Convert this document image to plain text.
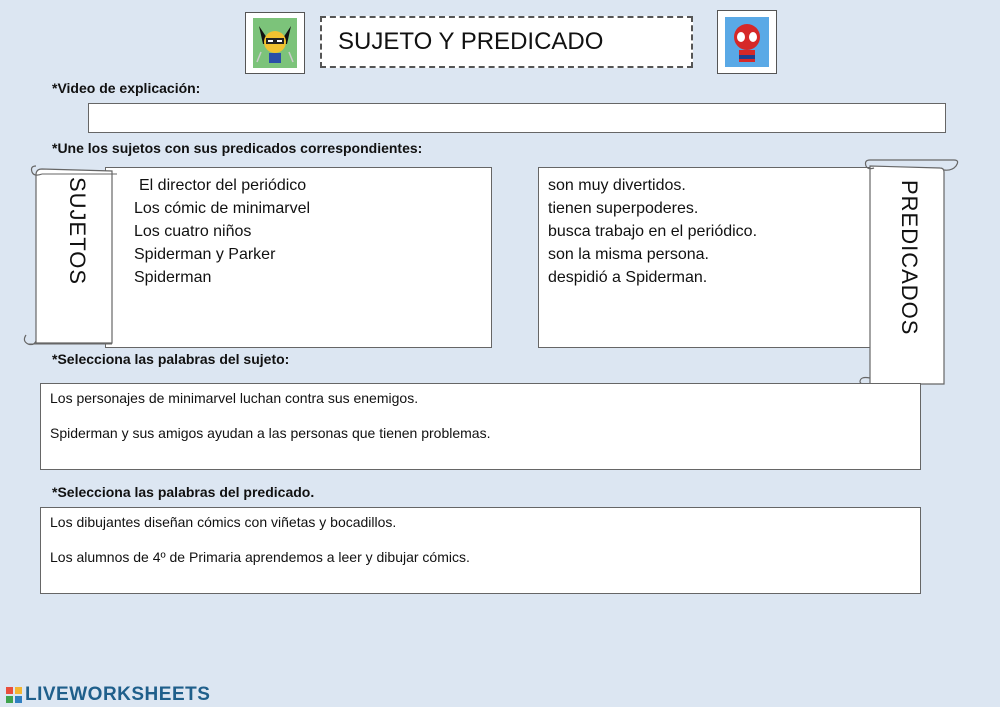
SUJETO Y PREDICADO
*Video de explicación:
*Une los sujetos con sus predicados correspondientes:
El director del periódico
Los cómic de minimarvel
Los cuatro niños
Spiderman y Parker
Spiderman
SUJETOS	son muy divertidos.
tienen superpoderes.
busca trabajo en el periódico.
son la misma persona.
despidió a Spiderman.	PREDICADOS
*Selecciona las palabras del sujeto:
Los personajes de minimarvel luchan contra sus enemigos.
Spiderman y sus amigos ayudan a las personas que tienen problemas.
*Selecciona las palabras del predicado.
Los dibujantes diseñan cómics con viñetas y bocadillos.
Los alumnos de 4º de Primaria aprendemos a leer y dibujar cómics.
LIVEWORKSHEETS
